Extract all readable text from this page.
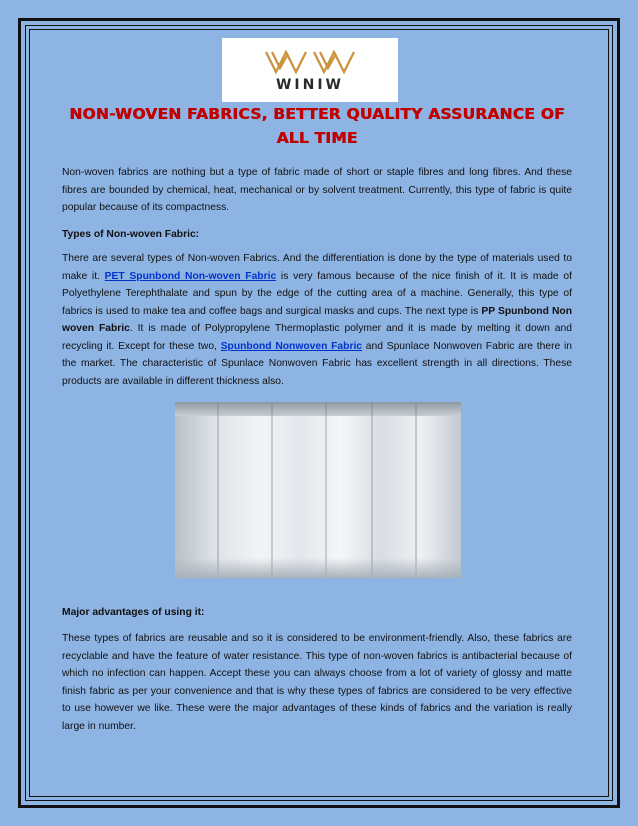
WINIW
NON-WOVEN FABRICS, BETTER QUALITY ASSURANCE OF ALL TIME

Non-woven fabrics are nothing but a type of fabric made of short or staple fibres and long fibres. And these fibres are bounded by chemical, heat, mechanical or by solvent treatment. Currently, this type of fabric is quite popular because of its compactness.

Types of Non-woven Fabric:

There are several types of Non-woven Fabrics. And the differentiation is done by the type of materials used to make it. PET Spunbond Non-woven Fabric is very famous because of the nice finish of it. It is made of Polyethylene Terephthalate and spun by the edge of the cutting area of a machine. Generally, this type of fabrics is used to make tea and coffee bags and surgical masks and cups. The next type is PP Spunbond Non woven Fabric. It is made of Polypropylene Thermoplastic polymer and it is made by melting it down and recycling it. Except for these two, Spunbond Nonwoven Fabric and Spunlace Nonwoven Fabric are there in the market. The characteristic of Spunlace Nonwoven Fabric has excellent strength in all directions. These products are available in different thickness also.

Major advantages of using it:

These types of fabrics are reusable and so it is considered to be environment-friendly. Also, these fabrics are recyclable and have the feature of water resistance. This type of non-woven fabrics is antibacterial because of which no infection can happen. Accept these you can always choose from a lot of variety of glossy and matte finish fabric as per your convenience and that is why these types of fabrics are considered to be very effective to use however we like. These were the major advantages of these kinds of fabrics and the variation is really large in number.
